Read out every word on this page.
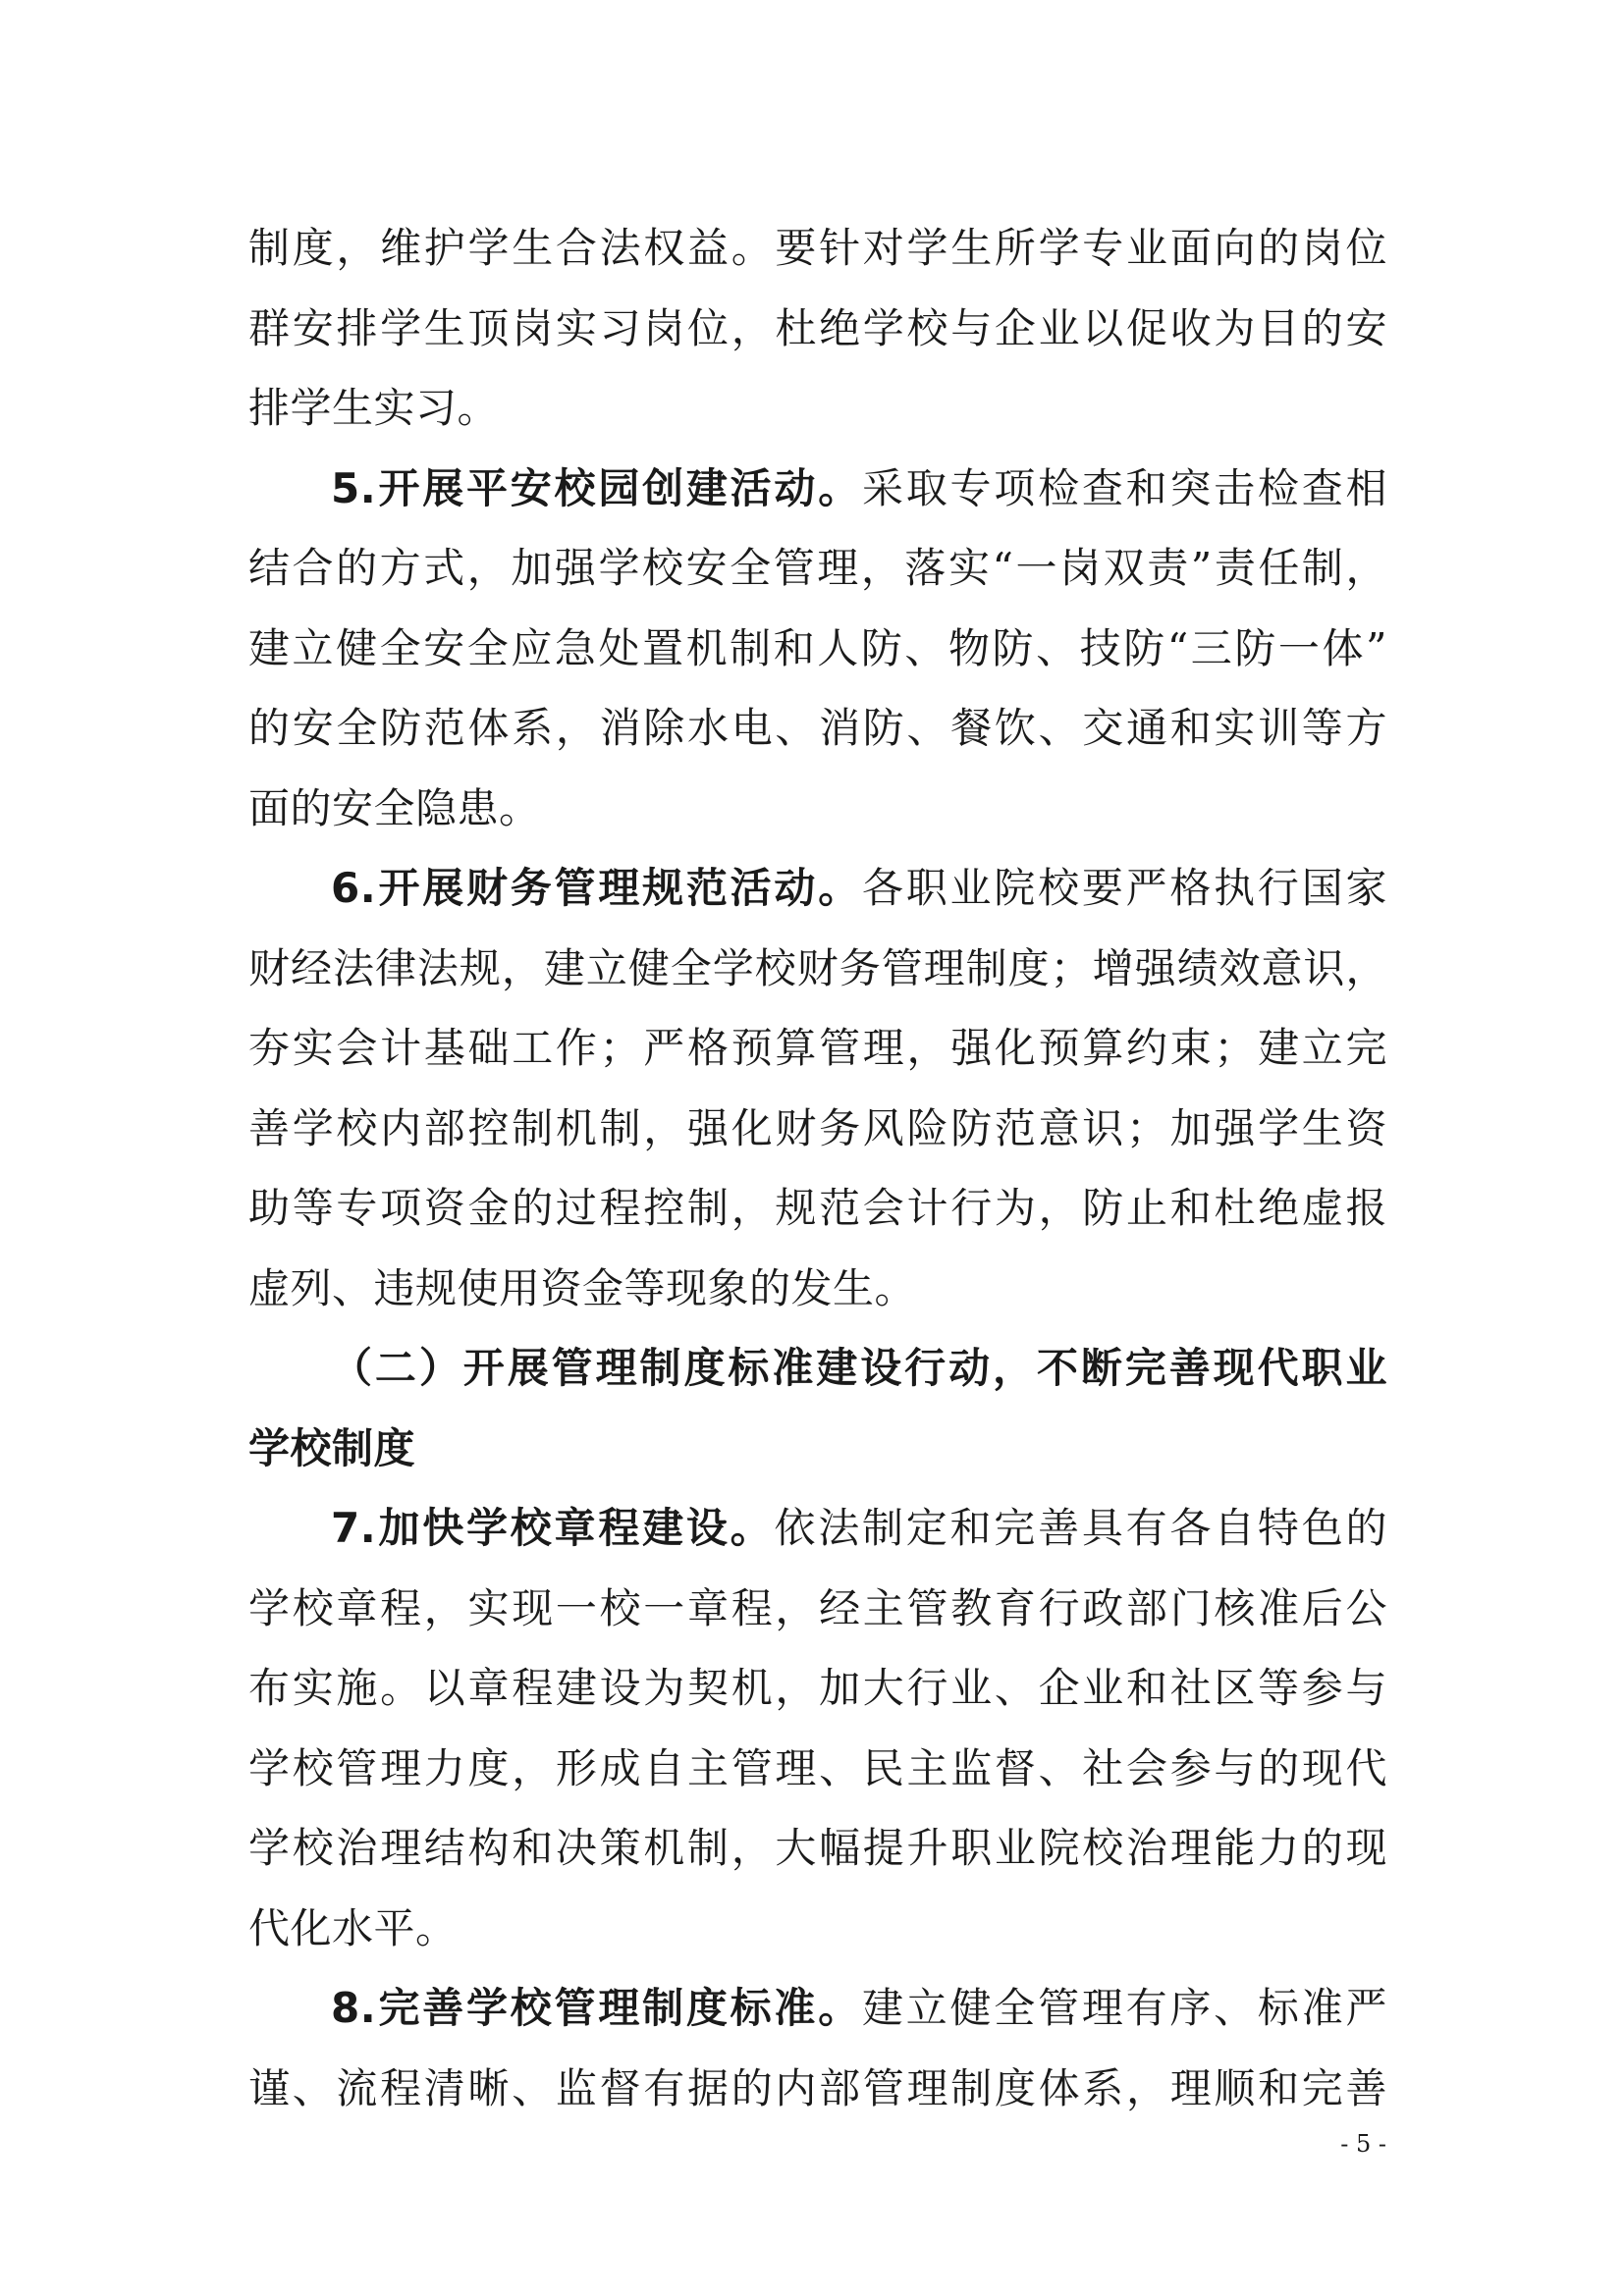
制度，维护学生合法权益。要针对学生所学专业面向的岗位
群安排学生顶岗实习岗位，杜绝学校与企业以促收为目的安
排学生实习。
5.开展平安校园创建活动。采取专项检查和突击检查相
结合的方式，加强学校安全管理，落实“一岗双责”责任制，
建立健全安全应急处置机制和人防、物防、技防“三防一体”
的安全防范体系，消除水电、消防、餐饮、交通和实训等方
面的安全隐患。
6.开展财务管理规范活动。各职业院校要严格执行国家
财经法律法规，建立健全学校财务管理制度；增强绩效意识，
夯实会计基础工作；严格预算管理，强化预算约束；建立完
善学校内部控制机制，强化财务风险防范意识；加强学生资
助等专项资金的过程控制，规范会计行为，防止和杜绝虚报
虚列、违规使用资金等现象的发生。
（二）开展管理制度标准建设行动，不断完善现代职业
学校制度
7.加快学校章程建设。依法制定和完善具有各自特色的
学校章程，实现一校一章程，经主管教育行政部门核准后公
布实施。以章程建设为契机，加大行业、企业和社区等参与
学校管理力度，形成自主管理、民主监督、社会参与的现代
学校治理结构和决策机制，大幅提升职业院校治理能力的现
代化水平。
8.完善学校管理制度标准。建立健全管理有序、标准严
谨、流程清晰、监督有据的内部管理制度体系，理顺和完善
- 5 -
